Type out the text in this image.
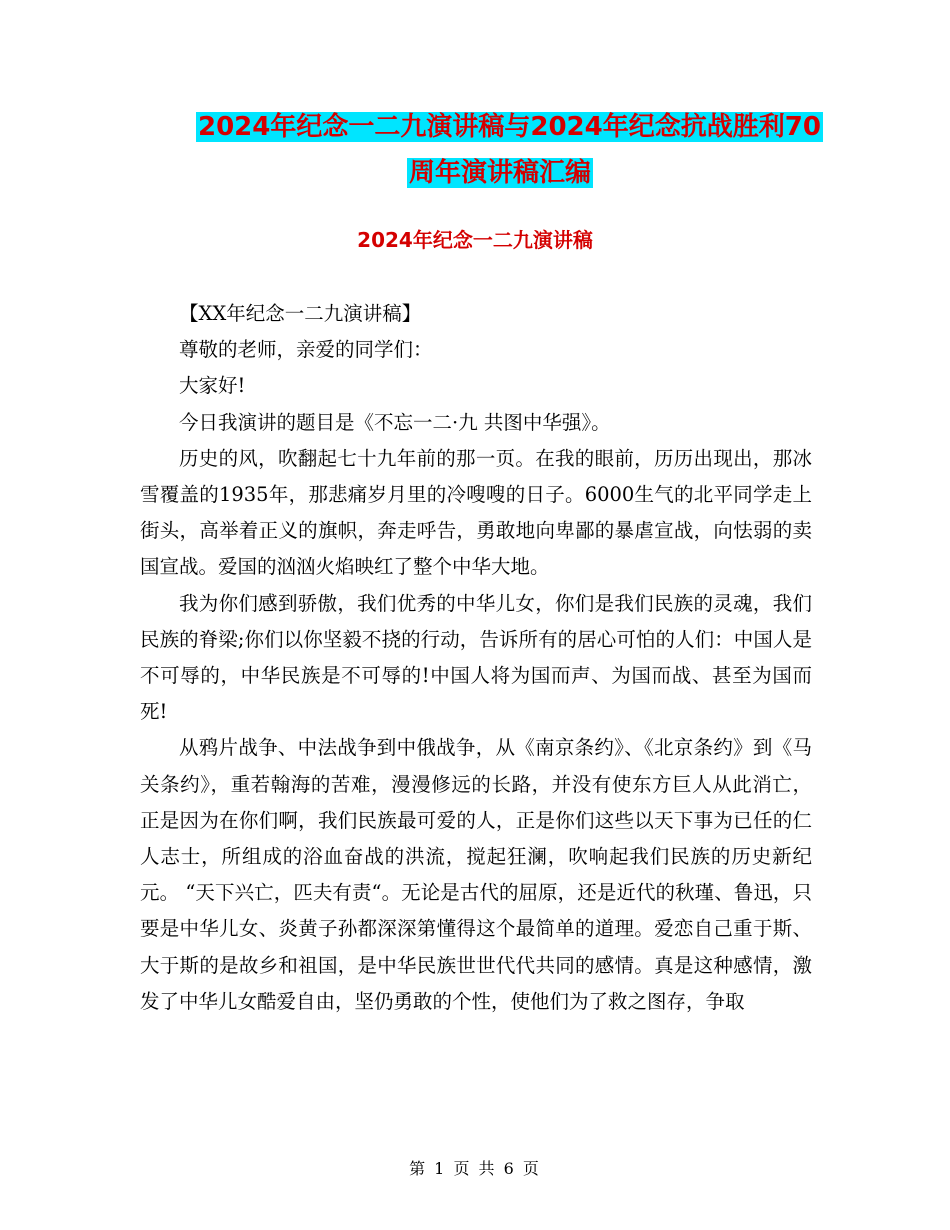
2024年纪念一二九演讲稿与2024年纪念抗战胜利70
周年演讲稿汇编
2024年纪念一二九演讲稿

【XX年纪念一二九演讲稿】

尊敬的老师，亲爱的同学们：

大家好!

今日我演讲的题目是《不忘一二·九 共图中华强》。

历史的风，吹翻起七十九年前的那一页。在我的眼前，历历出现出，那冰雪覆盖的1935年，那悲痛岁月里的冷嗖嗖的日子。6000生气的北平同学走上街头，高举着正义的旗帜，奔走呼告，勇敢地向卑鄙的暴虐宣战，向怯弱的卖国宣战。爱国的汹汹火焰映红了整个中华大地。

我为你们感到骄傲，我们优秀的中华儿女，你们是我们民族的灵魂，我们民族的脊梁;你们以你坚毅不挠的行动，告诉所有的居心可怕的人们：中国人是不可辱的，中华民族是不可辱的!中国人将为国而声、为国而战、甚至为国而死!

从鸦片战争、中法战争到中俄战争，从《南京条约》、《北京条约》到《马关条约》，重若翰海的苦难，漫漫修远的长路，并没有使东方巨人从此消亡，正是因为在你们啊，我们民族最可爱的人，正是你们这些以天下事为已任的仁人志士，所组成的浴血奋战的洪流，搅起狂澜，吹响起我们民族的历史新纪元。 “天下兴亡，匹夫有责“。无论是古代的屈原，还是近代的秋瑾、鲁迅，只要是中华儿女、炎黄子孙都深深第懂得这个最简单的道理。爱恋自己重于斯、大于斯的是故乡和祖国，是中华民族世世代代共同的感情。真是这种感情，激发了中华儿女酷爱自由，坚仍勇敢的个性，使他们为了救之图存，争取

第 1 页 共 6 页
